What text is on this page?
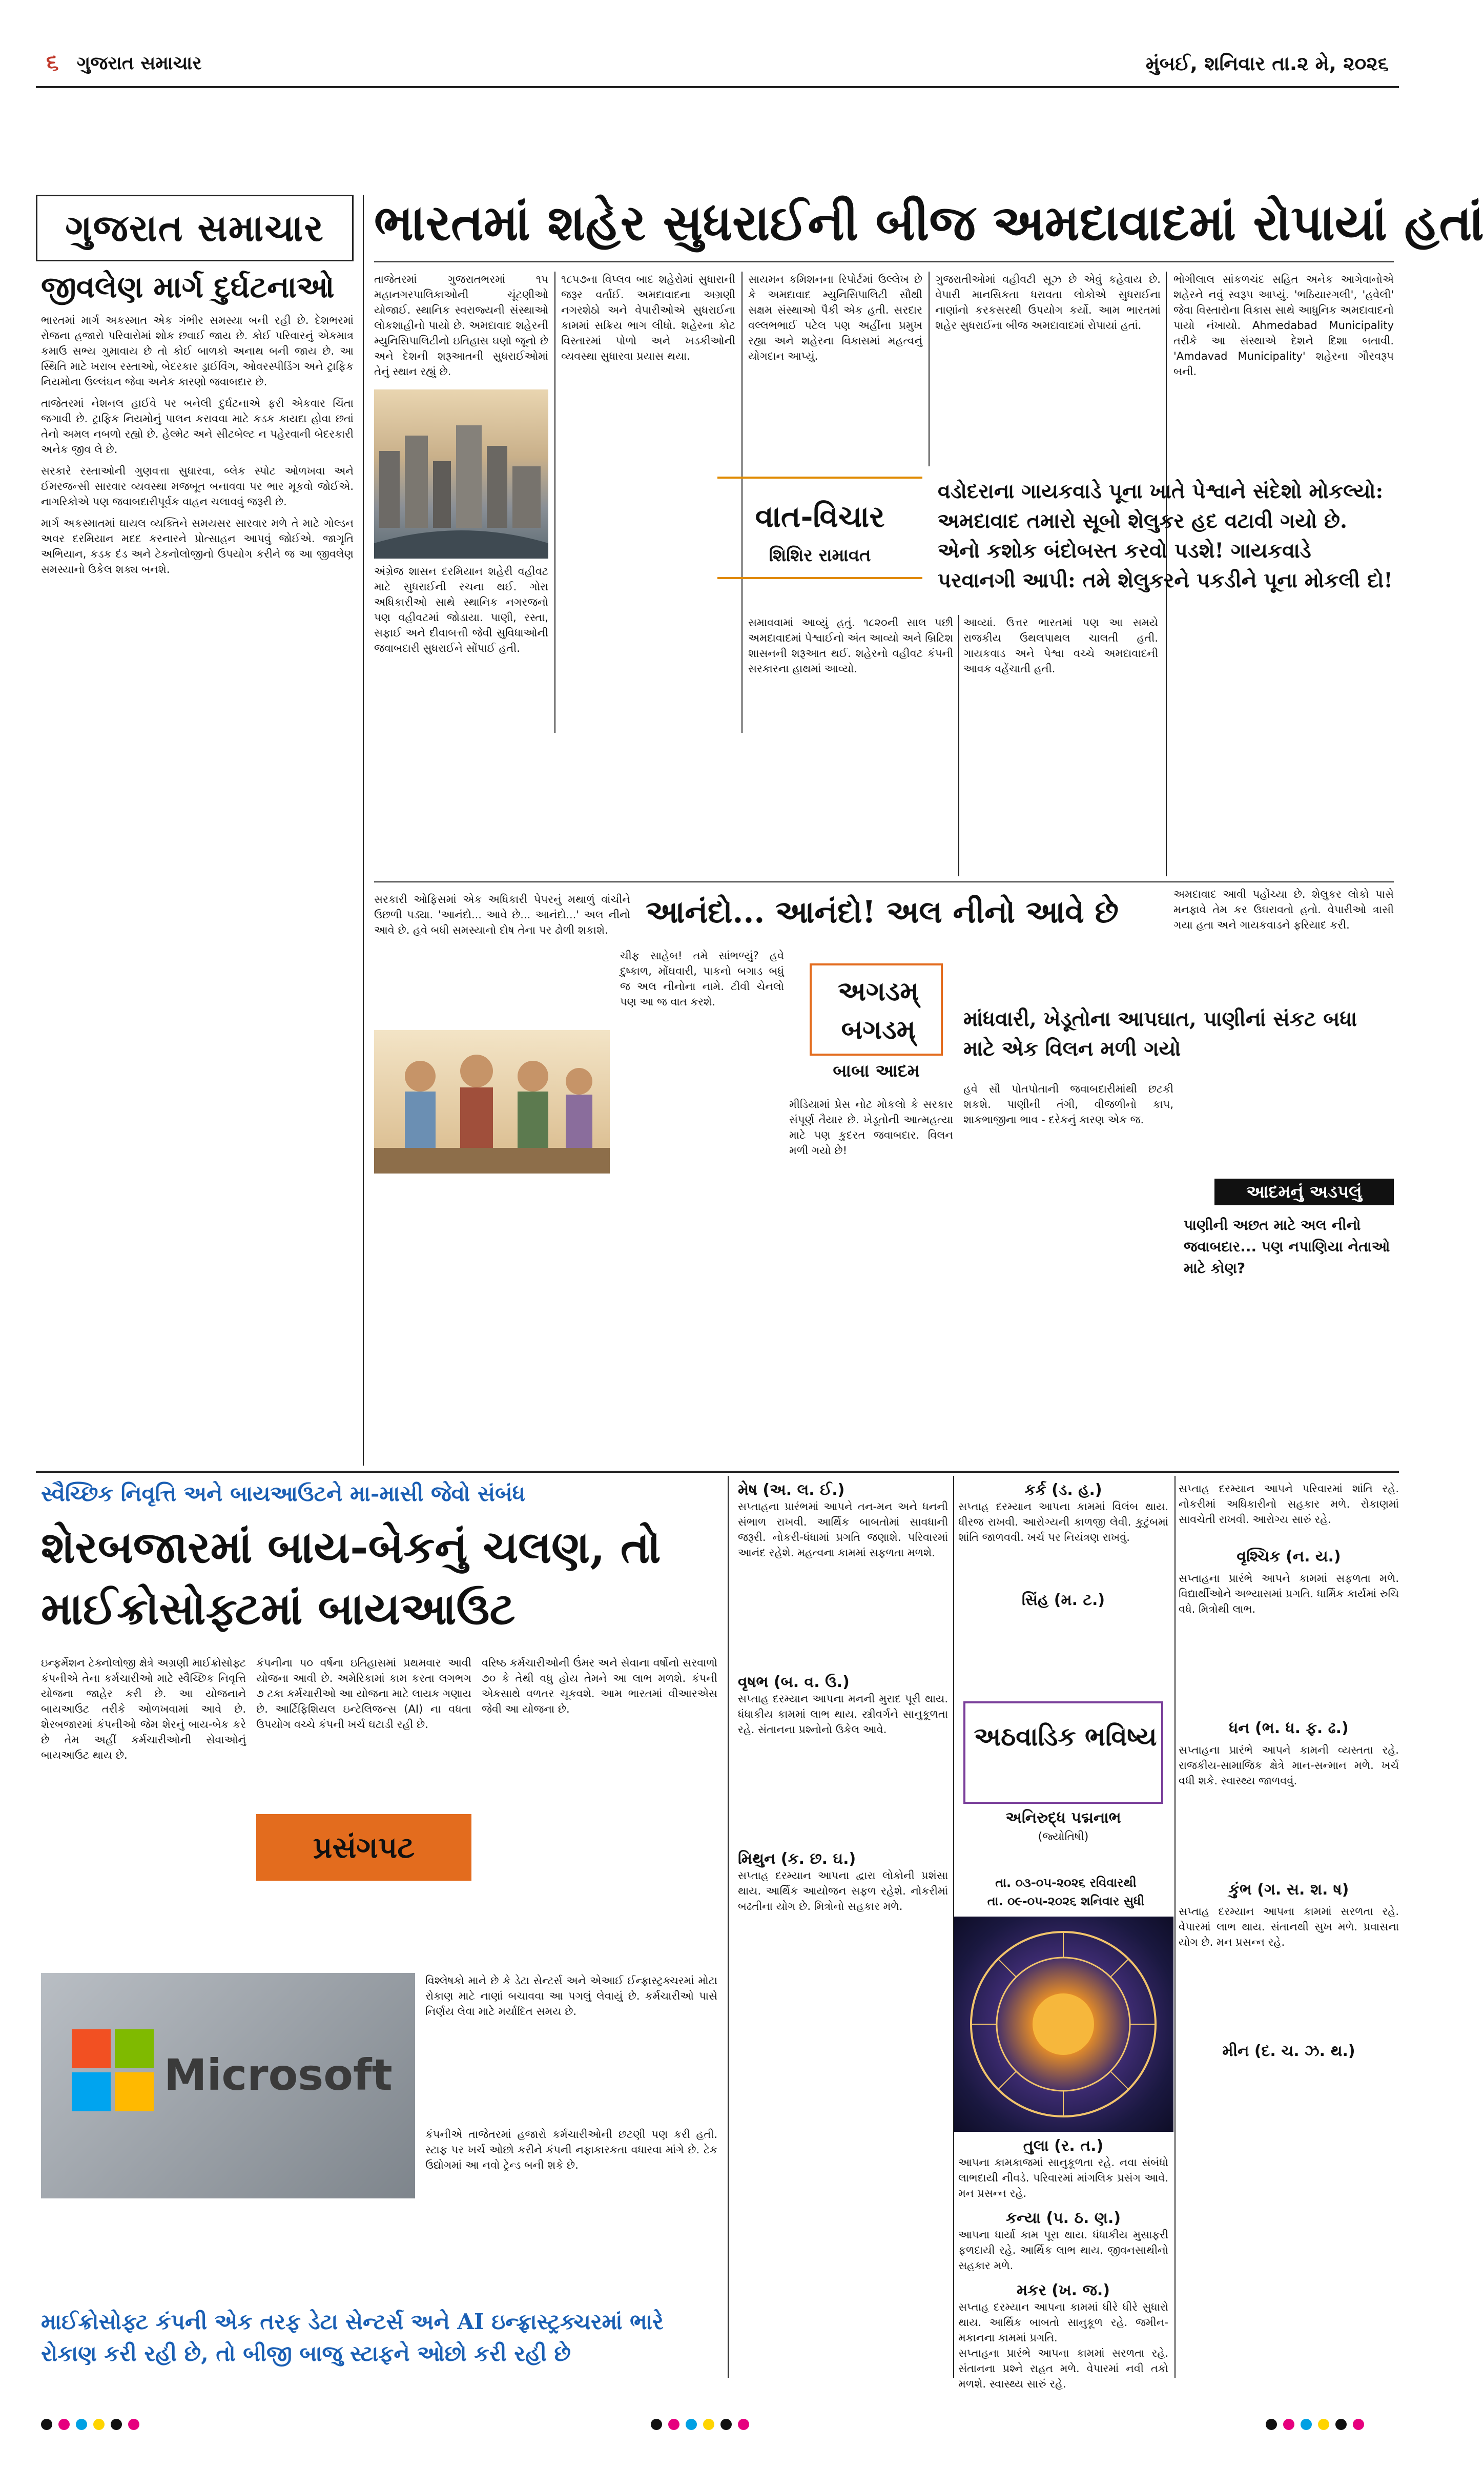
૬ ગુજરાત સમાચાર	મુંબઈ, શનિવાર તા.૨ મે, ૨૦૨૬
ગુજરાત સમાચાર
જીવલેણ માર્ગ દુર્ઘટનાઓ

ભારતમાં માર્ગ અકસ્માત એક ગંભીર સમસ્યા બની રહી છે. દેશભરમાં રોજના હજારો પરિવારોમાં શોક છવાઈ જાય છે. કોઈ પરિવારનું એકમાત્ર કમાઉ સભ્ય ગુમાવાય છે તો કોઈ બાળકો અનાથ બની જાય છે. આ સ્થિતિ માટે ખરાબ રસ્તાઓ, બેદરકાર ડ્રાઈવિંગ, ઓવરસ્પીડિંગ અને ટ્રાફિક નિયમોના ઉલ્લંઘન જેવા અનેક કારણો જવાબદાર છે.

તાજેતરમાં નેશનલ હાઈવે પર બનેલી દુર્ઘટનાએ ફરી એકવાર ચિંતા જગાવી છે. ટ્રાફિક નિયમોનું પાલન કરાવવા માટે કડક કાયદા હોવા છતાં તેનો અમલ નબળો રહ્યો છે. હેલ્મેટ અને સીટબેલ્ટ ન પહેરવાની બેદરકારી અનેક જીવ લે છે.

સરકારે રસ્તાઓની ગુણવત્તા સુધારવા, બ્લેક સ્પોટ ઓળખવા અને ઈમરજન્સી સારવાર વ્યવસ્થા મજબૂત બનાવવા પર ભાર મૂકવો જોઈએ. નાગરિકોએ પણ જવાબદારીપૂર્વક વાહન ચલાવવું જરૂરી છે.

માર્ગ અકસ્માતમાં ઘાયલ વ્યક્તિને સમયસર સારવાર મળે તે માટે ગોલ્ડન અવર દરમિયાન મદદ કરનારને પ્રોત્સાહન આપવું જોઈએ. જાગૃતિ અભિયાન, કડક દંડ અને ટેકનોલોજીનો ઉપયોગ કરીને જ આ જીવલેણ સમસ્યાનો ઉકેલ શક્ય બનશે.

ભારતમાં શહેર સુધરાઈની બીજ અમદાવાદમાં રોપાયાં હતાં
તાજેતરમાં ગુજરાતભરમાં ૧૫ મહાનગરપાલિકાઓની ચૂંટણીઓ યોજાઈ. સ્થાનિક સ્વરાજ્યની સંસ્થાઓ લોકશાહીનો પાયો છે. અમદાવાદ શહેરની મ્યુનિસિપાલિટીનો ઇતિહાસ ઘણો જૂનો છે અને દેશની શરૂઆતની સુધરાઈઓમાં તેનું સ્થાન રહ્યું છે.
અંગ્રેજ શાસન દરમિયાન શહેરી વહીવટ માટે સુધરાઈની રચના થઈ. ગોરા અધિકારીઓ સાથે સ્થાનિક નગરજનો પણ વહીવટમાં જોડાયા. પાણી, રસ્તા, સફાઈ અને દીવાબત્તી જેવી સુવિધાઓની જવાબદારી સુધરાઈને સોંપાઈ હતી.
૧૮૫૭ના વિપ્લવ બાદ શહેરોમાં સુધારાની જરૂર વર્તાઈ. અમદાવાદના અગ્રણી નગરશેઠો અને વેપારીઓએ સુધરાઈના કામમાં સક્રિય ભાગ લીધો. શહેરના કોટ વિસ્તારમાં પોળો અને ખડકીઓની વ્યવસ્થા સુધારવા પ્રયાસ થયા.
સાયમન કમિશનના રિપોર્ટમાં ઉલ્લેખ છે કે અમદાવાદ મ્યુનિસિપાલિટી સૌથી સક્ષમ સંસ્થાઓ પૈકી એક હતી. સરદાર વલ્લભભાઈ પટેલ પણ અહીંના પ્રમુખ રહ્યા અને શહેરના વિકાસમાં મહત્વનું યોગદાન આપ્યું.
ગુજરાતીઓમાં વહીવટી સૂઝ છે એવું કહેવાય છે. વેપારી માનસિકતા ધરાવતા લોકોએ સુધરાઈના નાણાંનો કરકસરથી ઉપયોગ કર્યો. આમ ભારતમાં શહેર સુધરાઈના બીજ અમદાવાદમાં રોપાયાં હતાં.
ભોગીલાલ સાંકળચંદ સહિત અનેક આગેવાનોએ શહેરને નવું સ્વરૂપ આપ્યું. 'ભઠિયારગલી', 'હવેલી' જેવા વિસ્તારોના વિકાસ સાથે આધુનિક અમદાવાદનો પાયો નંખાયો. Ahmedabad Municipality તરીકે આ સંસ્થાએ દેશને દિશા બતાવી. 'Amdavad Municipality' શહેરના ગૌરવરૂપ બની.
વાત-વિચાર
શિશિર રામાવત
વડોદરાના ગાયકવાડે પૂના ખાતે પેશ્વાને સંદેશો મોકલ્યો: અમદાવાદ તમારો સૂબો શેલુકર હદ વટાવી ગયો છે. એનો કશોક બંદોબસ્ત કરવો પડશે! ગાયકવાડે પરવાનગી આપી: તમે શેલુકરને પકડીને પૂના મોકલી દો!
સમાવવામાં આવ્યું હતું. ૧૮૨૦ની સાલ પછી અમદાવાદમાં પેશ્વાઈનો અંત આવ્યો અને બ્રિટિશ શાસનની શરૂઆત થઈ. શહેરનો વહીવટ કંપની સરકારના હાથમાં આવ્યો.
આવ્યાં. ઉત્તર ભારતમાં પણ આ સમયે રાજકીય ઉથલપાથલ ચાલતી હતી. ગાયકવાડ અને પેશ્વા વચ્ચે અમદાવાદની આવક વહેંચાતી હતી.
અમદાવાદ આવી પહોંચ્યા છે. શેલુકર લોકો પાસે મનફાવે તેમ કર ઉઘરાવતો હતો. વેપારીઓ ત્રાસી ગયા હતા અને ગાયકવાડને ફરિયાદ કરી.
આનંદો... આનંદો! અલ નીનો આવે છે
સરકારી ઓફિસમાં એક અધિકારી પેપરનું મથાળું વાંચીને ઉછળી પડ્યા. 'આનંદો... આવે છે... આનંદો...' અલ નીનો આવે છે. હવે બધી સમસ્યાનો દોષ તેના પર ઢોળી શકાશે.
ચીફ સાહેબ! તમે સાંભળ્યું? હવે દુષ્કાળ, મોંઘવારી, પાકનો બગાડ બધું જ અલ નીનોના નામે. ટીવી ચેનલો પણ આ જ વાત કરશે.	અગડમ્
બગડમ્
બાબા આદમ
માંધવારી, ખેડૂતોના આપઘાત, પાણીનાં સંકટ બધા માટે એક વિલન મળી ગયો
મીડિયામાં પ્રેસ નોટ મોકલો કે સરકાર સંપૂર્ણ તૈયાર છે. ખેડૂતોની આત્મહત્યા માટે પણ કુદરત જવાબદાર. વિલન મળી ગયો છે!
હવે સૌ પોતપોતાની જવાબદારીમાંથી છટકી શકશે. પાણીની તંગી, વીજળીનો કાપ, શાકભાજીના ભાવ - દરેકનું કારણ એક જ.
આદમનું અડપલું
પાણીની અછત માટે અલ નીનો જવાબદાર... પણ નપાણિયા નેતાઓ માટે કોણ?
સ્વૈચ્છિક નિવૃત્તિ અને બાયઆઉટને મા-માસી જેવો સંબંધ
શેરબજારમાં બાય-બેકનું ચલણ, તો માઈક્રોસોફ્ટમાં બાયઆઉટ
ઇન્ફર્મેશન ટેક્નોલોજી ક્ષેત્રે અગ્રણી માઈક્રોસોફ્ટ કંપનીએ તેના કર્મચારીઓ માટે સ્વૈચ્છિક નિવૃત્તિ યોજના જાહેર કરી છે. આ યોજનાને બાયઆઉટ તરીકે ઓળખવામાં આવે છે. શેરબજારમાં કંપનીઓ જેમ શેરનું બાય-બેક કરે છે તેમ અહીં કર્મચારીઓની સેવાઓનું બાયઆઉટ થાય છે.
પ્રસંગપટ
કંપનીના ૫૦ વર્ષના ઇતિહાસમાં પ્રથમવાર આવી યોજના આવી છે. અમેરિકામાં કામ કરતા લગભગ ૭ ટકા કર્મચારીઓ આ યોજના માટે લાયક ગણાય છે. આર્ટિફિશિયલ ઇન્ટેલિજન્સ (AI) ના વધતા ઉપયોગ વચ્ચે કંપની ખર્ચ ઘટાડી રહી છે.
વરિષ્ઠ કર્મચારીઓની ઉંમર અને સેવાના વર્ષોનો સરવાળો ૭૦ કે તેથી વધુ હોય તેમને આ લાભ મળશે. કંપની એકસાથે વળતર ચૂકવશે. આમ ભારતમાં વીઆરએસ જેવી આ યોજના છે.
Microsoft
વિશ્લેષકો માને છે કે ડેટા સેન્ટર્સ અને એઆઈ ઈન્ફ્રાસ્ટ્રક્ચરમાં મોટા રોકાણ માટે નાણાં બચાવવા આ પગલું લેવાયું છે. કર્મચારીઓ પાસે નિર્ણય લેવા માટે મર્યાદિત સમય છે.
કંપનીએ તાજેતરમાં હજારો કર્મચારીઓની છટણી પણ કરી હતી. સ્ટાફ પર ખર્ચ ઓછો કરીને કંપની નફાકારકતા વધારવા માંગે છે. ટેક ઉદ્યોગમાં આ નવો ટ્રેન્ડ બની શકે છે.
માઈક્રોસોફ્ટ કંપની એક તરફ ડેટા સેન્ટર્સ અને AI ઇન્ફ્રાસ્ટ્રક્ચરમાં ભારે રોકાણ કરી રહી છે, તો બીજી બાજુ સ્ટાફને ઓછો કરી રહી છે
મેષ (અ. લ. ઈ.)
સપ્તાહના પ્રારંભમાં આપને તન-મન અને ધનની સંભાળ રાખવી. આર્થિક બાબતોમાં સાવધાની જરૂરી. નોકરી-ધંધામાં પ્રગતિ જણાશે. પરિવારમાં આનંદ રહેશે. મહત્વના કામમાં સફળતા મળશે.
વૃષભ (બ. વ. ઉ.)
સપ્તાહ દરમ્યાન આપના મનની મુરાદ પૂરી થાય. ધંધાકીય કામમાં લાભ થાય. સ્ત્રીવર્ગને સાનુકૂળતા રહે. સંતાનના પ્રશ્નોનો ઉકેલ આવે.
મિથુન (ક. છ. ઘ.)
સપ્તાહ દરમ્યાન આપના દ્વારા લોકોની પ્રશંસા થાય. આર્થિક આયોજન સફળ રહેશે. નોકરીમાં બઢતીના યોગ છે. મિત્રોનો સહકાર મળે.
કર્ક (ડ. હ.)
સપ્તાહ દરમ્યાન આપના કામમાં વિલંબ થાય. ધીરજ રાખવી. આરોગ્યની કાળજી લેવી. કુટુંબમાં શાંતિ જાળવવી. ખર્ચ પર નિયંત્રણ રાખવું.
સિંહ (મ. ટ.)
અઠવાડિક ભવિષ્ય
અનિરુદ્ધ પદ્મનાભ
(જ્યોતિષી)
તા. ૦૩-૦૫-૨૦૨૬ રવિવારથી
તા. ૦૯-૦૫-૨૦૨૬ શનિવાર સુધી
સપ્તાહ દરમ્યાન આપને પરિવારમાં શાંતિ રહે. નોકરીમાં અધિકારીનો સહકાર મળે. રોકાણમાં સાવચેતી રાખવી. આરોગ્ય સારું રહે.
વૃશ્ચિક (ન. ય.)
સપ્તાહના પ્રારંભે આપને કામમાં સફળતા મળે. વિદ્યાર્થીઓને અભ્યાસમાં પ્રગતિ. ધાર્મિક કાર્યમાં રુચિ વધે. મિત્રોથી લાભ.
ધન (ભ. ધ. ફ. ઢ.)
સપ્તાહના પ્રારંભે આપને કામની વ્યસ્તતા રહે. રાજકીય-સામાજિક ક્ષેત્રે માન-સન્માન મળે. ખર્ચ વધી શકે. સ્વાસ્થ્ય જાળવવું.
કુંભ (ગ. સ. શ. ષ)
સપ્તાહ દરમ્યાન આપના કામમાં સરળતા રહે. વેપારમાં લાભ થાય. સંતાનથી સુખ મળે. પ્રવાસના યોગ છે. મન પ્રસન્ન રહે.
મીન (દ. ચ. ઝ. થ.)
તુલા (ર. ત.)
આપના કામકાજમાં સાનુકૂળતા રહે. નવા સંબંધો લાભદાયી નીવડે. પરિવારમાં માંગલિક પ્રસંગ આવે. મન પ્રસન્ન રહે.
કન્યા (પ. ઠ. ણ.)
આપના ધાર્યા કામ પૂરા થાય. ધંધાકીય મુસાફરી ફળદાયી રહે. આર્થિક લાભ થાય. જીવનસાથીનો સહકાર મળે.
મકર (ખ. જ.)
સપ્તાહ દરમ્યાન આપના કામમાં ધીરે ધીરે સુધારો થાય. આર્થિક બાબતો સાનુકૂળ રહે. જમીન-મકાનના કામમાં પ્રગતિ.
સપ્તાહના પ્રારંભે આપના કામમાં સરળતા રહે. સંતાનના પ્રશ્ને રાહત મળે. વેપારમાં નવી તકો મળશે. સ્વાસ્થ્ય સારું રહે.
